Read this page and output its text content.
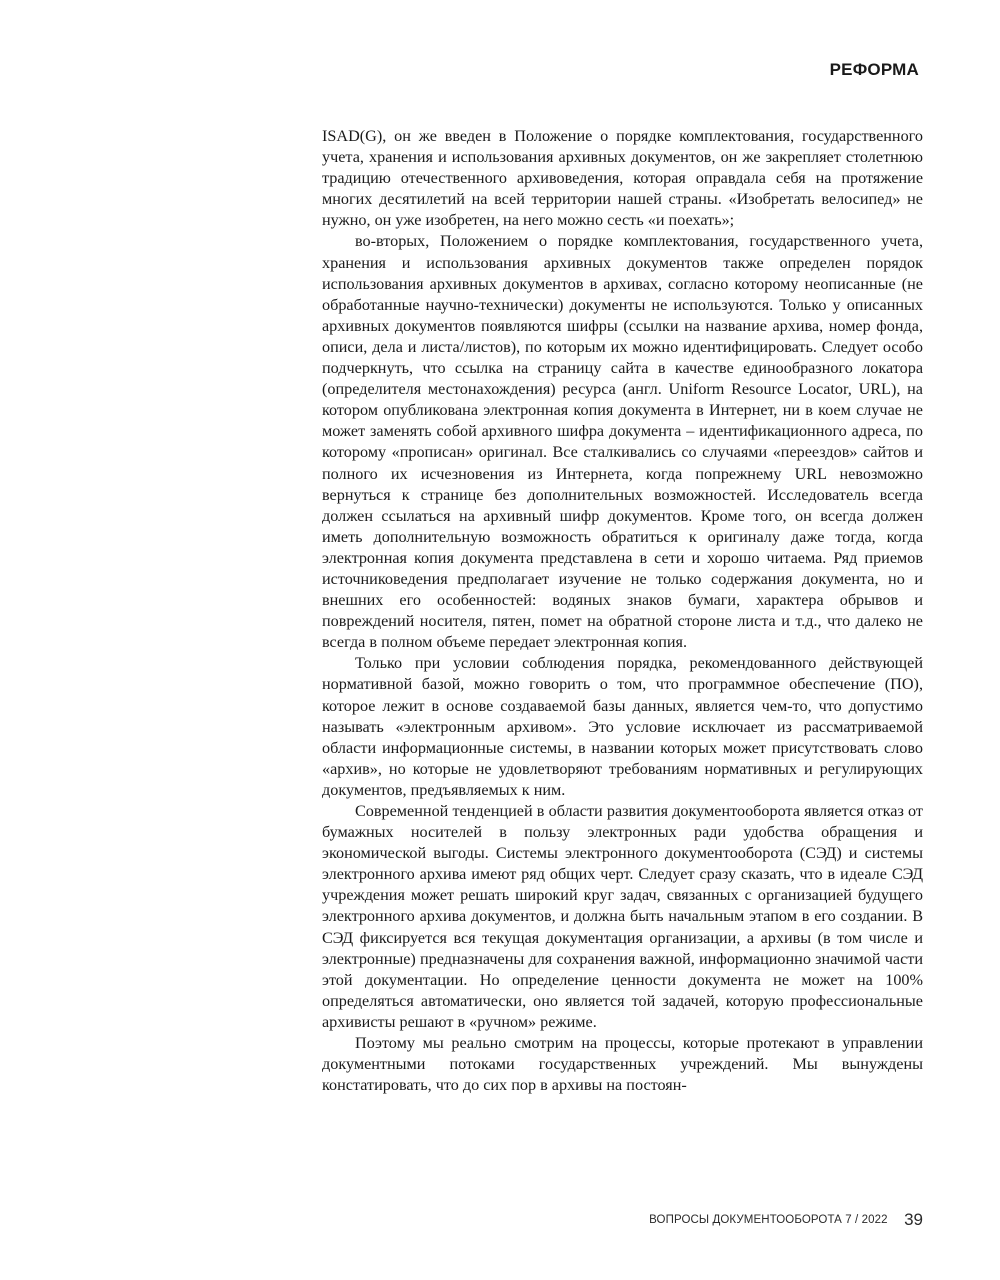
РЕФОРМА

ISAD(G), он же введен в Положение о порядке комплектования, государственного учета, хранения и использования архивных документов, он же закрепляет столетнюю традицию отечественного архивоведения, которая оправдала себя на протяжение многих десятилетий на всей территории нашей страны. «Изобретать велосипед» не нужно, он уже изобретен, на него можно сесть «и поехать»;

во-вторых, Положением о порядке комплектования, государственного учета, хранения и использования архивных документов также определен порядок использования архивных документов в архивах, согласно которому неописанные (не обработанные научно-технически) документы не используются. Только у описанных архивных документов появляются шифры (ссылки на название архива, номер фонда, описи, дела и листа/листов), по которым их можно идентифицировать. Следует особо подчеркнуть, что ссылка на страницу сайта в качестве единообразного локатора (определителя местонахождения) ресурса (англ. Uniform Resource Locator, URL), на котором опубликована электронная копия документа в Интернет, ни в коем случае не может заменять собой архивного шифра документа – идентификационного адреса, по которому «прописан» оригинал. Все сталкивались со случаями «переездов» сайтов и полного их исчезновения из Интернета, когда попрежнему URL невозможно вернуться к странице без дополнительных возможностей. Исследователь всегда должен ссылаться на архивный шифр документов. Кроме того, он всегда должен иметь дополнительную возможность обратиться к оригиналу даже тогда, когда электронная копия документа представлена в сети и хорошо читаема. Ряд приемов источниковедения предполагает изучение не только содержания документа, но и внешних его особенностей: водяных знаков бумаги, характера обрывов и повреждений носителя, пятен, помет на обратной стороне листа и т.д., что далеко не всегда в полном объеме передает электронная копия.

Только при условии соблюдения порядка, рекомендованного действующей нормативной базой, можно говорить о том, что программное обеспечение (ПО), которое лежит в основе создаваемой базы данных, является чем-то, что допустимо называть «электронным архивом». Это условие исключает из рассматриваемой области информационные системы, в названии которых может присутствовать слово «архив», но которые не удовлетворяют требованиям нормативных и регулирующих документов, предъявляемых к ним.

Современной тенденцией в области развития документооборота является отказ от бумажных носителей в пользу электронных ради удобства обращения и экономической выгоды. Системы электронного документооборота (СЭД) и системы электронного архива имеют ряд общих черт. Следует сразу сказать, что в идеале СЭД учреждения может решать широкий круг задач, связанных с организацией будущего электронного архива документов, и должна быть начальным этапом в его создании. В СЭД фиксируется вся текущая документация организации, а архивы (в том числе и электронные) предназначены для сохранения важной, информационно значимой части этой документации. Но определение ценности документа не может на 100% определяться автоматически, оно является той задачей, которую профессиональные архивисты решают в «ручном» режиме.

Поэтому мы реально смотрим на процессы, которые протекают в управлении документными потоками государственных учреждений. Мы вынуждены констатировать, что до сих пор в архивы на постоян-

ВОПРОСЫ ДОКУМЕНТООБОРОТА 7 / 2022 39
